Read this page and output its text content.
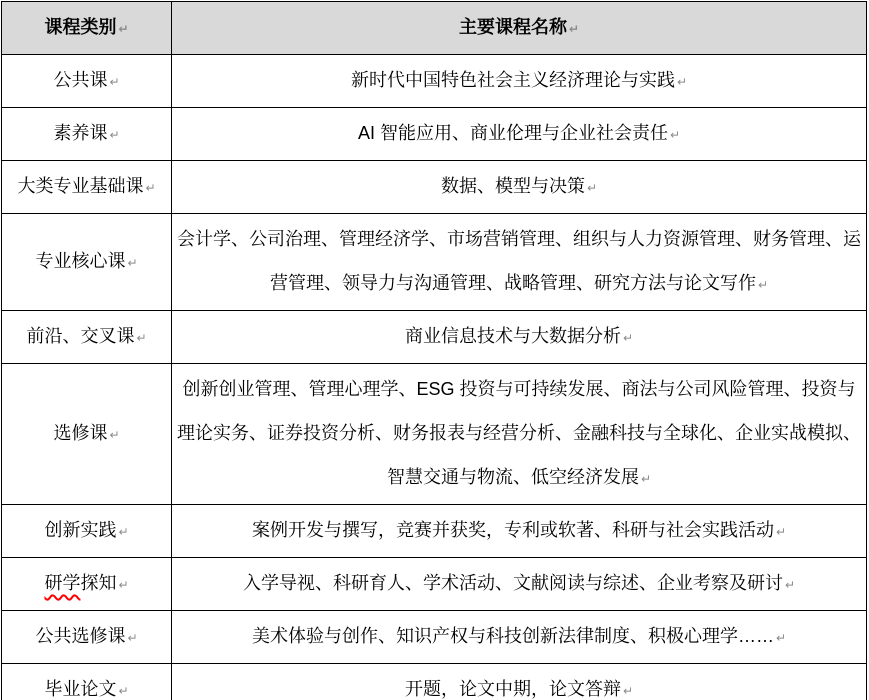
课程类别 ↵	主要课程名称 ↵
公共课 ↵	新时代中国特色社会主义经济理论与实践 ↵
素养课 ↵	AI 智能应用、商业伦理与企业社会责任 ↵
大类专业基础课 ↵	数据、模型与决策 ↵
专业核心课 ↵	会计学、公司治理、管理经济学、市场营销管理、组织与人力资源管理、财务管理、运营管理、领导力与沟通管理、战略管理、研究方法与论文写作 ↵
前沿、交叉课 ↵	商业信息技术与大数据分析 ↵
选修课 ↵	创新创业管理、管理心理学、ESG 投资与可持续发展、商法与公司风险管理、投资与理论实务、证券投资分析、财务报表与经营分析、金融科技与全球化、企业实战模拟、智慧交通与物流、低空经济发展 ↵
创新实践 ↵	案例开发与撰写，竞赛并获奖，专利或软著、科研与社会实践活动 ↵
研学探知 ↵	入学导视、科研育人、学术活动、文献阅读与综述、企业考察及研讨 ↵
公共选修课 ↵	美术体验与创作、知识产权与科技创新法律制度、积极心理学…… ↵
毕业论文 ↵	开题，论文中期，论文答辩 ↵
